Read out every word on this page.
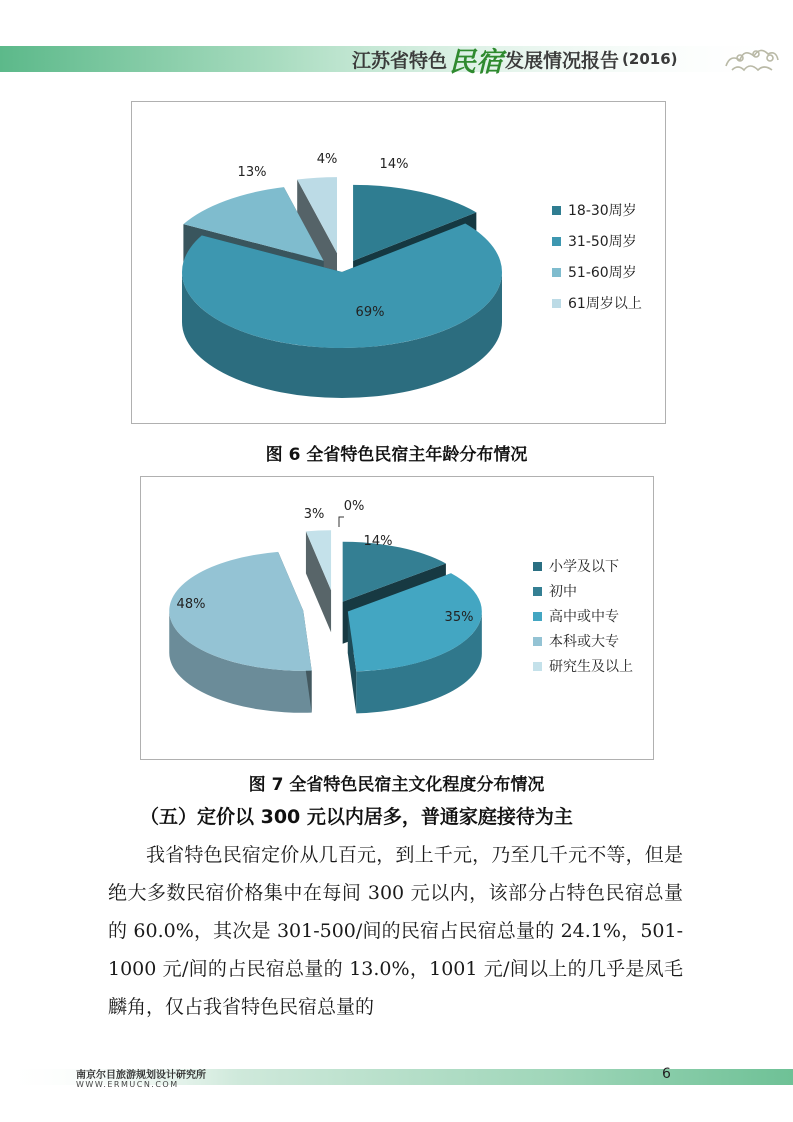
江苏省特色 民宿 发展情况报告 (2016)
14%
69%
13%
4%
18-30周岁
31-50周岁
51-60周岁
61周岁以上
图 6 全省特色民宿主年龄分布情况
0%
14%
35%
48%
3%
小学及以下
初中
高中或中专
本科或大专
研究生及以上
图 7 全省特色民宿主文化程度分布情况
（五）定价以 300 元以内居多，普通家庭接待为主

我省特色民宿定价从几百元，到上千元，乃至几千元不等，但是绝大多数民宿价格集中在每间 300 元以内，该部分占特色民宿总量的 60.0%，其次是 301-500/间的民宿占民宿总量的 24.1%，501-1000 元/间的占民宿总量的 13.0%，1001 元/间以上的几乎是凤毛麟角，仅占我省特色民宿总量的

南京尔目旅游规划设计研究所
WWW.ERMUCN.COM
6
